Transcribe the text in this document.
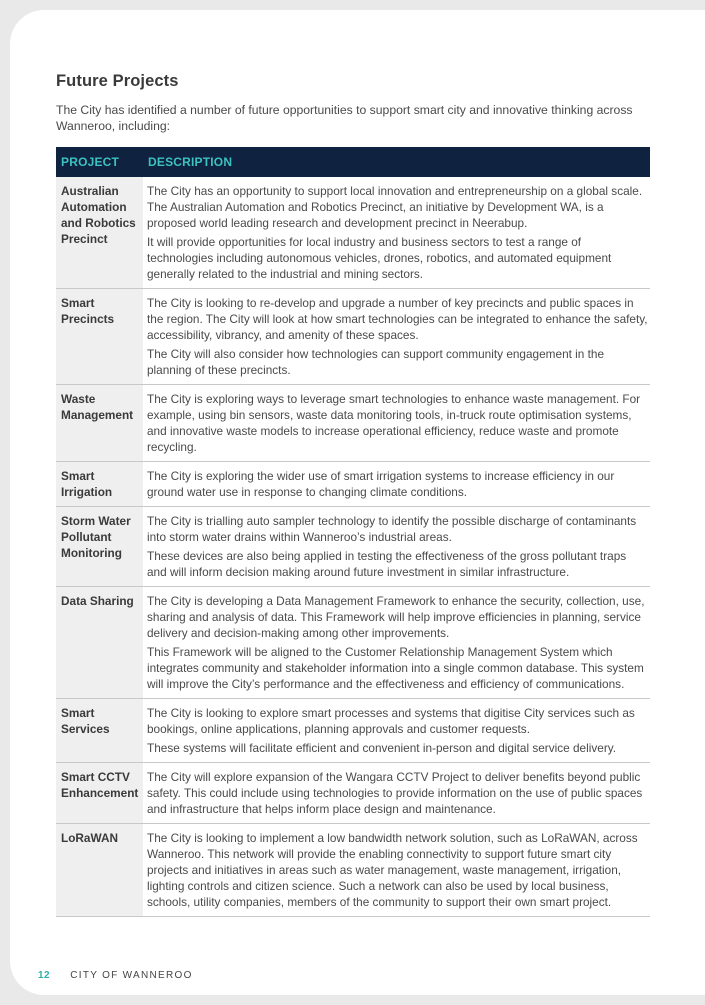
Future Projects

The City has identified a number of future opportunities to support smart city and innovative thinking across Wanneroo, including:

PROJECT	DESCRIPTION
Australian Automation and Robotics Precinct	The City has an opportunity to support local innovation and entrepreneurship on a global scale. The Australian Automation and Robotics Precinct, an initiative by Development WA, is a proposed world leading research and development precinct in Neerabup.

It will provide opportunities for local industry and business sectors to test a range of technologies including autonomous vehicles, drones, robotics, and automated equipment generally related to the industrial and mining sectors.

Smart Precincts	The City is looking to re-develop and upgrade a number of key precincts and public spaces in the region. The City will look at how smart technologies can be integrated to enhance the safety, accessibility, vibrancy, and amenity of these spaces.

The City will also consider how technologies can support community engagement in the planning of these precincts.

Waste Management	The City is exploring ways to leverage smart technologies to enhance waste management. For example, using bin sensors, waste data monitoring tools, in-truck route optimisation systems, and innovative waste models to increase operational efficiency, reduce waste and promote recycling.

Smart Irrigation	The City is exploring the wider use of smart irrigation systems to increase efficiency in our ground water use in response to changing climate conditions.

Storm Water Pollutant Monitoring	The City is trialling auto sampler technology to identify the possible discharge of contaminants into storm water drains within Wanneroo’s industrial areas.

These devices are also being applied in testing the effectiveness of the gross pollutant traps and will inform decision making around future investment in similar infrastructure.

Data Sharing	The City is developing a Data Management Framework to enhance the security, collection, use, sharing and analysis of data. This Framework will help improve efficiencies in planning, service delivery and decision-making among other improvements.

This Framework will be aligned to the Customer Relationship Management System which integrates community and stakeholder information into a single common database. This system will improve the City’s performance and the effectiveness and efficiency of communications.

Smart Services	The City is looking to explore smart processes and systems that digitise City services such as bookings, online applications, planning approvals and customer requests.

These systems will facilitate efficient and convenient in-person and digital service delivery.

Smart CCTV Enhancement	The City will explore expansion of the Wangara CCTV Project to deliver benefits beyond public safety. This could include using technologies to provide information on the use of public spaces and infrastructure that helps inform place design and maintenance.

LoRaWAN	The City is looking to implement a low bandwidth network solution, such as LoRaWAN, across Wanneroo. This network will provide the enabling connectivity to support future smart city projects and initiatives in areas such as water management, waste management, irrigation, lighting controls and citizen science. Such a network can also be used by local business, schools, utility companies, members of the community to support their own smart project.

12 CITY OF WANNEROO
